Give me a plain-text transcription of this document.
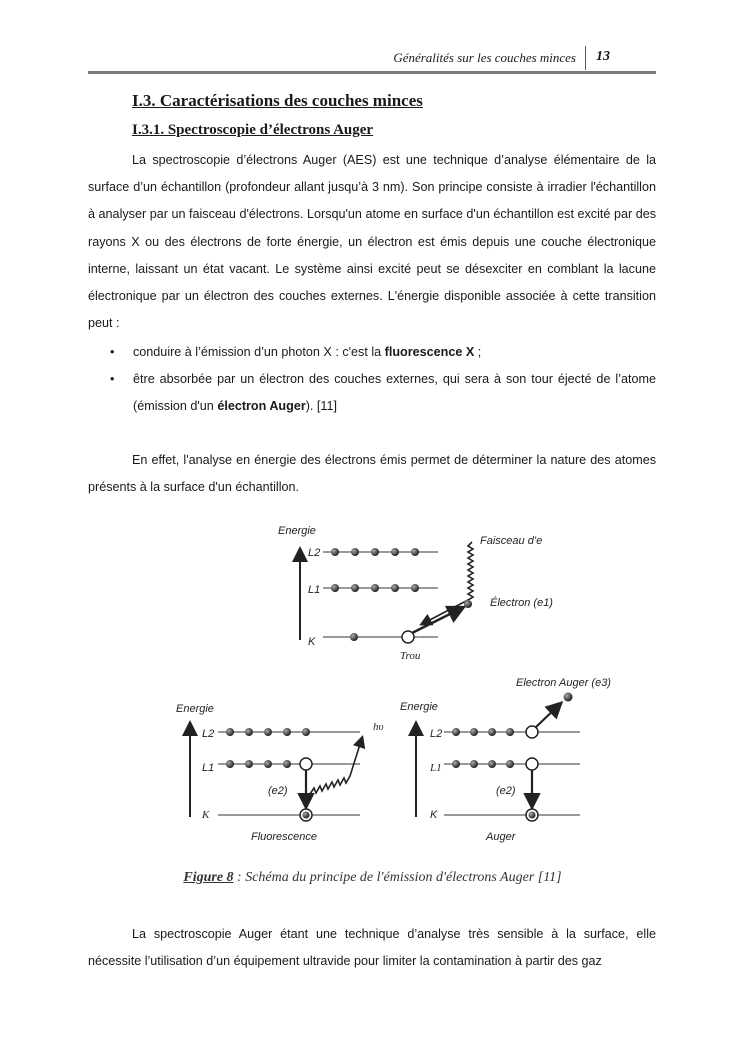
Généralités sur les couches minces 13
I.3. Caractérisations des couches minces
I.3.1. Spectroscopie d’électrons Auger

La spectroscopie d’électrons Auger (AES) est une technique d’analyse élémentaire de la surface d’un échantillon (profondeur allant jusqu’à 3 nm). Son principe consiste à irradier l'échantillon à analyser par un faisceau d'électrons. Lorsqu'un atome en surface d'un échantillon est excité par des rayons X ou des électrons de forte énergie, un électron est émis depuis une couche électronique interne, laissant un état vacant. Le système ainsi excité peut se désexciter en comblant la lacune électronique par un électron des couches externes. L'énergie disponible associée à cette transition peut :

• conduire à l’émission d’un photon X : c'est la fluorescence X ;
• être absorbée par un électron des couches externes, qui sera à son tour éjecté de l’atome (émission d'un électron Auger). [11]

En effet, l'analyse en énergie des électrons émis permet de déterminer la nature des atomes présents à la surface d'un échantillon.

Energie
L2
L1
K
Faisceau d’e
Électron (e1)
Trou
Energie
L2
L1
K
hυ
(e2)
Fluorescence
Energie
L2
L1
K
Electron Auger (e3)
(e2)
Auger
Figure 8 : Schéma du principe de l'émission d'électrons Auger [11]

La spectroscopie Auger étant une technique d’analyse très sensible à la surface, elle nécessite l’utilisation d’un équipement ultravide pour limiter la contamination à partir des gaz
